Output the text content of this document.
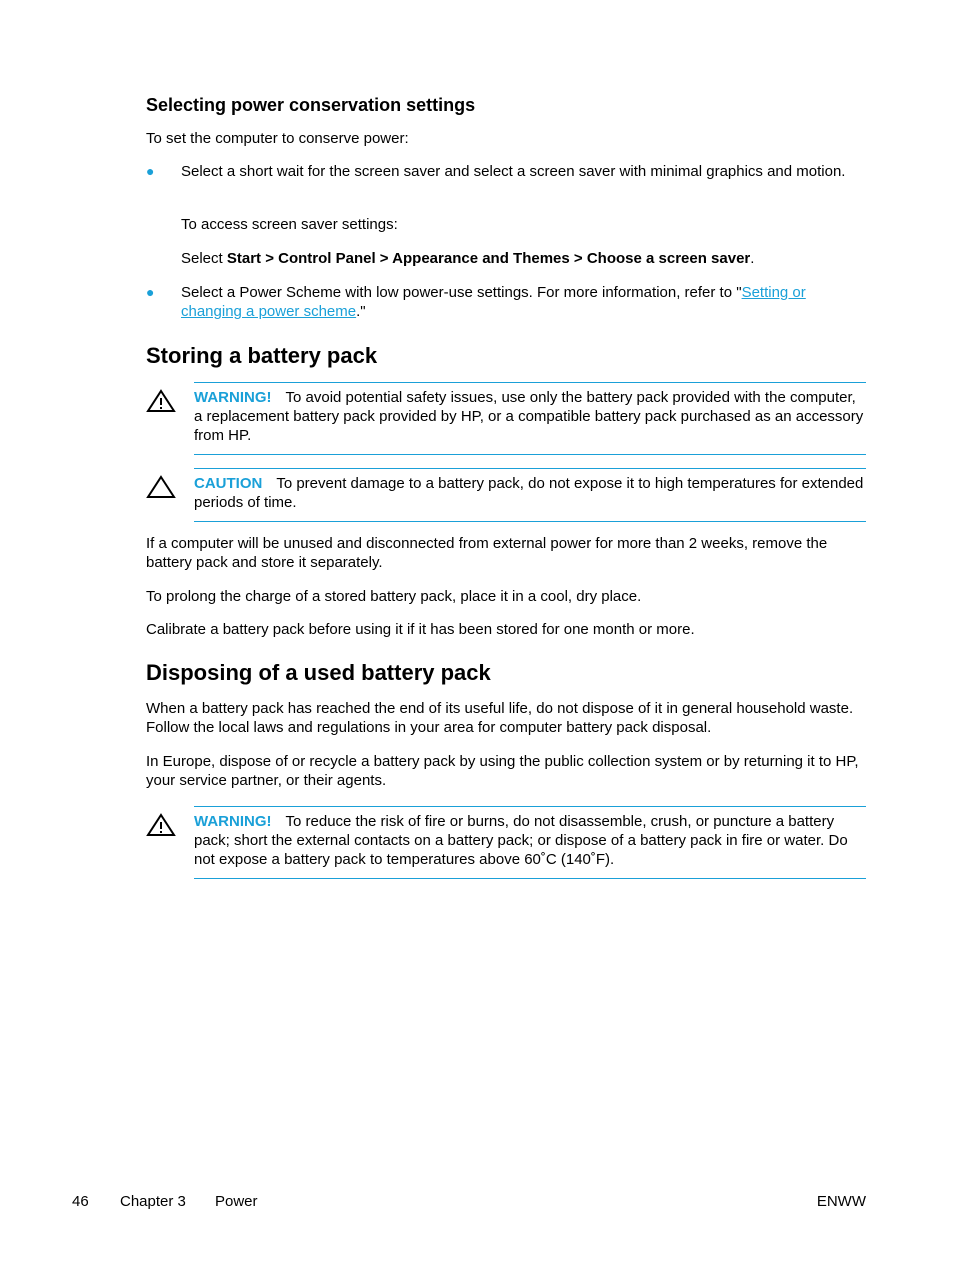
Selecting power conservation settings

To set the computer to conserve power:

● Select a short wait for the screen saver and select a screen saver with minimal graphics and motion.

To access screen saver settings:

Select Start > Control Panel > Appearance and Themes > Choose a screen saver.

● Select a Power Scheme with low power-use settings. For more information, refer to "Setting or changing a power scheme."

Storing a battery pack
WARNING! To avoid potential safety issues, use only the battery pack provided with the computer, a replacement battery pack provided by HP, or a compatible battery pack purchased as an accessory from HP.
CAUTION To prevent damage to a battery pack, do not expose it to high temperatures for extended periods of time.

If a computer will be unused and disconnected from external power for more than 2 weeks, remove the battery pack and store it separately.

To prolong the charge of a stored battery pack, place it in a cool, dry place.

Calibrate a battery pack before using it if it has been stored for one month or more.

Disposing of a used battery pack

When a battery pack has reached the end of its useful life, do not dispose of it in general household waste. Follow the local laws and regulations in your area for computer battery pack disposal.

In Europe, dispose of or recycle a battery pack by using the public collection system or by returning it to HP, your service partner, or their agents.

WARNING! To reduce the risk of fire or burns, do not disassemble, crush, or puncture a battery pack; short the external contacts on a battery pack; or dispose of a battery pack in fire or water. Do not expose a battery pack to temperatures above 60˚C (140˚F).
46 Chapter 3 Power	ENWW
